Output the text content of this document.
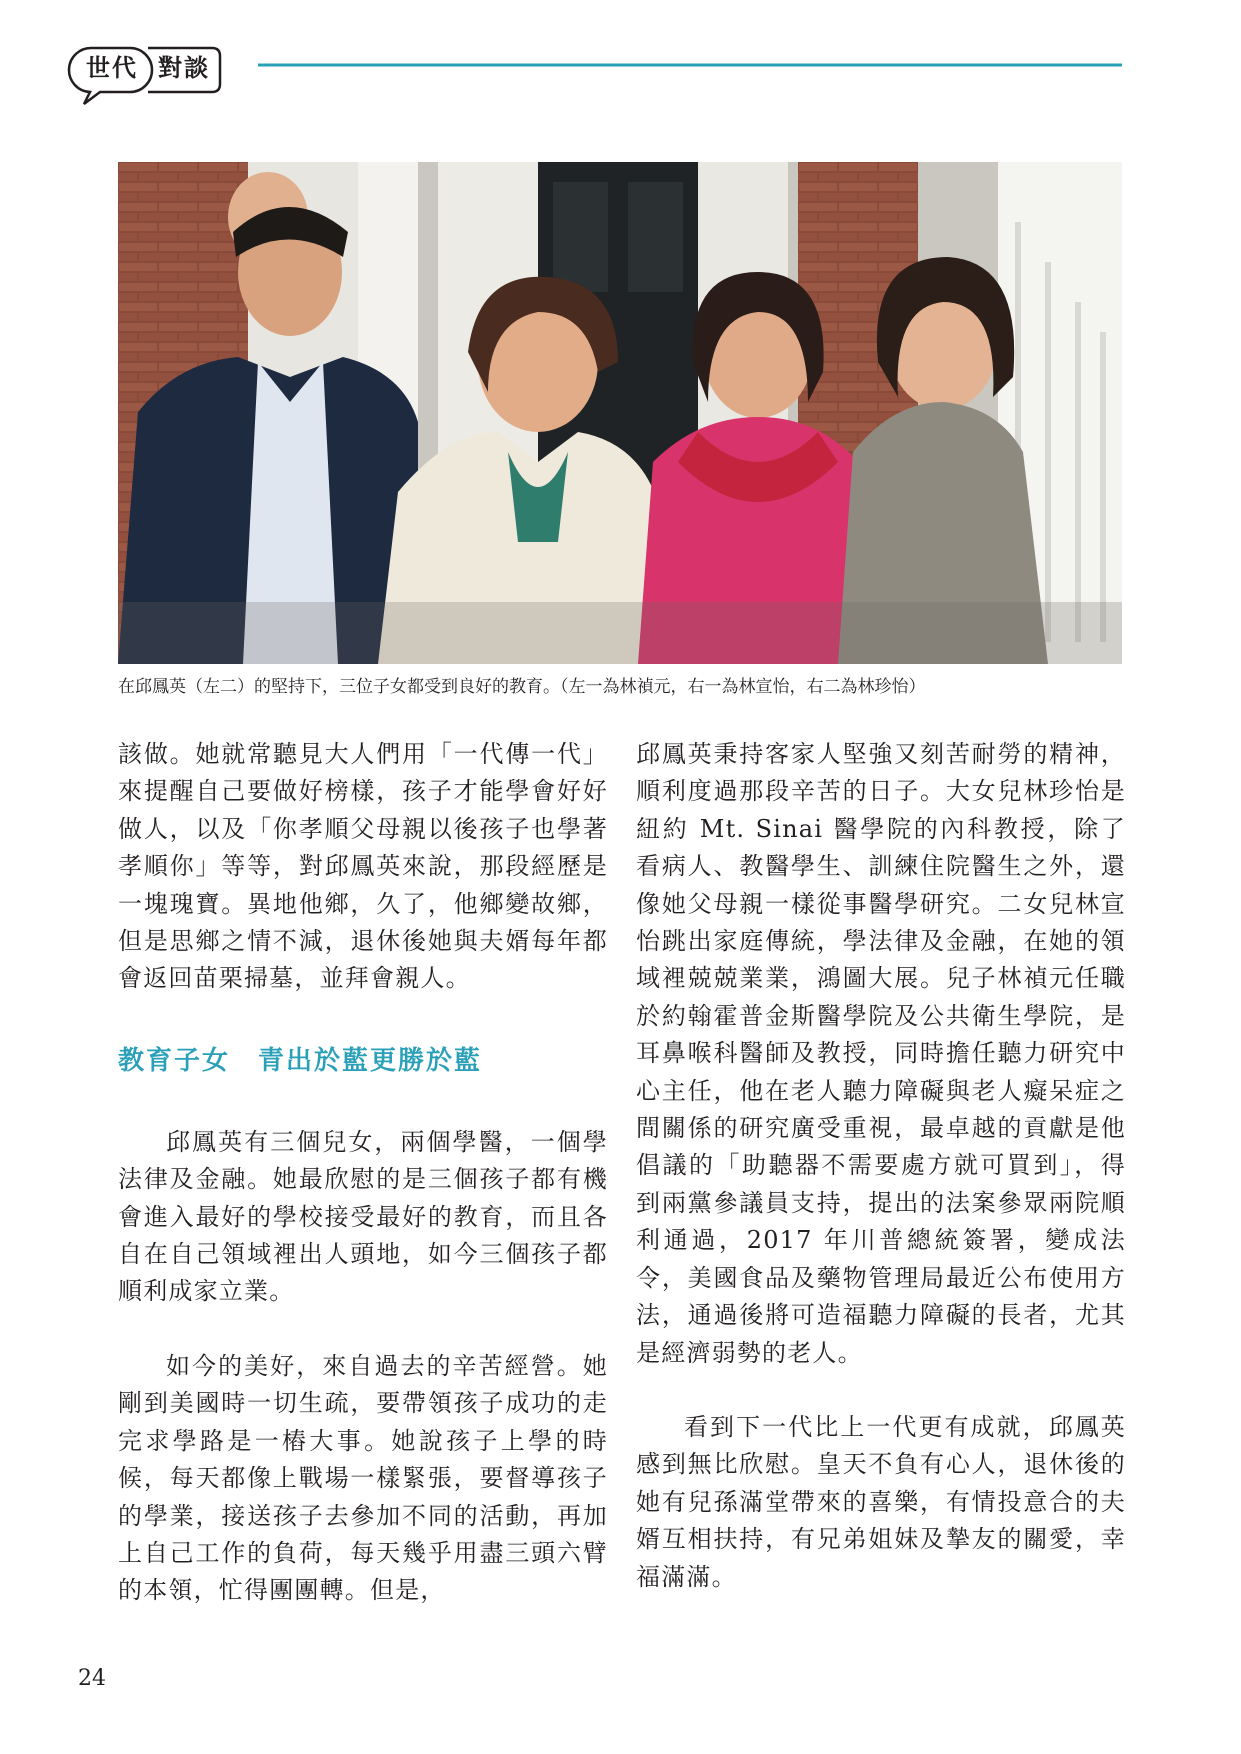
世代 對談
在邱鳳英（左二）的堅持下，三位子女都受到良好的教育。（左一為林禎元，右一為林宣怡，右二為林珍怡）

該做。她就常聽見大人們用「一代傳一代」來提醒自己要做好榜樣，孩子才能學會好好做人，以及「你孝順父母親以後孩子也學著孝順你」等等，對邱鳳英來說，那段經歷是一塊瑰寶。異地他鄉，久了，他鄉變故鄉，但是思鄉之情不減，退休後她與夫婿每年都會返回苗栗掃墓，並拜會親人。

教育子女　青出於藍更勝於藍

邱鳳英有三個兒女，兩個學醫，一個學法律及金融。她最欣慰的是三個孩子都有機會進入最好的學校接受最好的教育，而且各自在自己領域裡出人頭地，如今三個孩子都順利成家立業。

如今的美好，來自過去的辛苦經營。她剛到美國時一切生疏，要帶領孩子成功的走完求學路是一樁大事。她說孩子上學的時候，每天都像上戰場一樣緊張，要督導孩子的學業，接送孩子去參加不同的活動，再加上自己工作的負荷，每天幾乎用盡三頭六臂的本領，忙得團團轉。但是，

邱鳳英秉持客家人堅強又刻苦耐勞的精神，順利度過那段辛苦的日子。大女兒林珍怡是紐約 Mt. Sinai 醫學院的內科教授，除了看病人、教醫學生、訓練住院醫生之外，還像她父母親一樣從事醫學研究。二女兒林宣怡跳出家庭傳統，學法律及金融，在她的領域裡兢兢業業，鴻圖大展。兒子林禎元任職於約翰霍普金斯醫學院及公共衛生學院，是耳鼻喉科醫師及教授，同時擔任聽力研究中心主任，他在老人聽力障礙與老人癡呆症之間關係的研究廣受重視，最卓越的貢獻是他倡議的「助聽器不需要處方就可買到」，得到兩黨參議員支持，提出的法案參眾兩院順利通過，2017 年川普總統簽署，變成法令，美國食品及藥物管理局最近公布使用方法，通過後將可造福聽力障礙的長者，尤其是經濟弱勢的老人。

看到下一代比上一代更有成就，邱鳳英感到無比欣慰。皇天不負有心人，退休後的她有兒孫滿堂帶來的喜樂，有情投意合的夫婿互相扶持，有兄弟姐妹及摯友的關愛，幸福滿滿。

24
